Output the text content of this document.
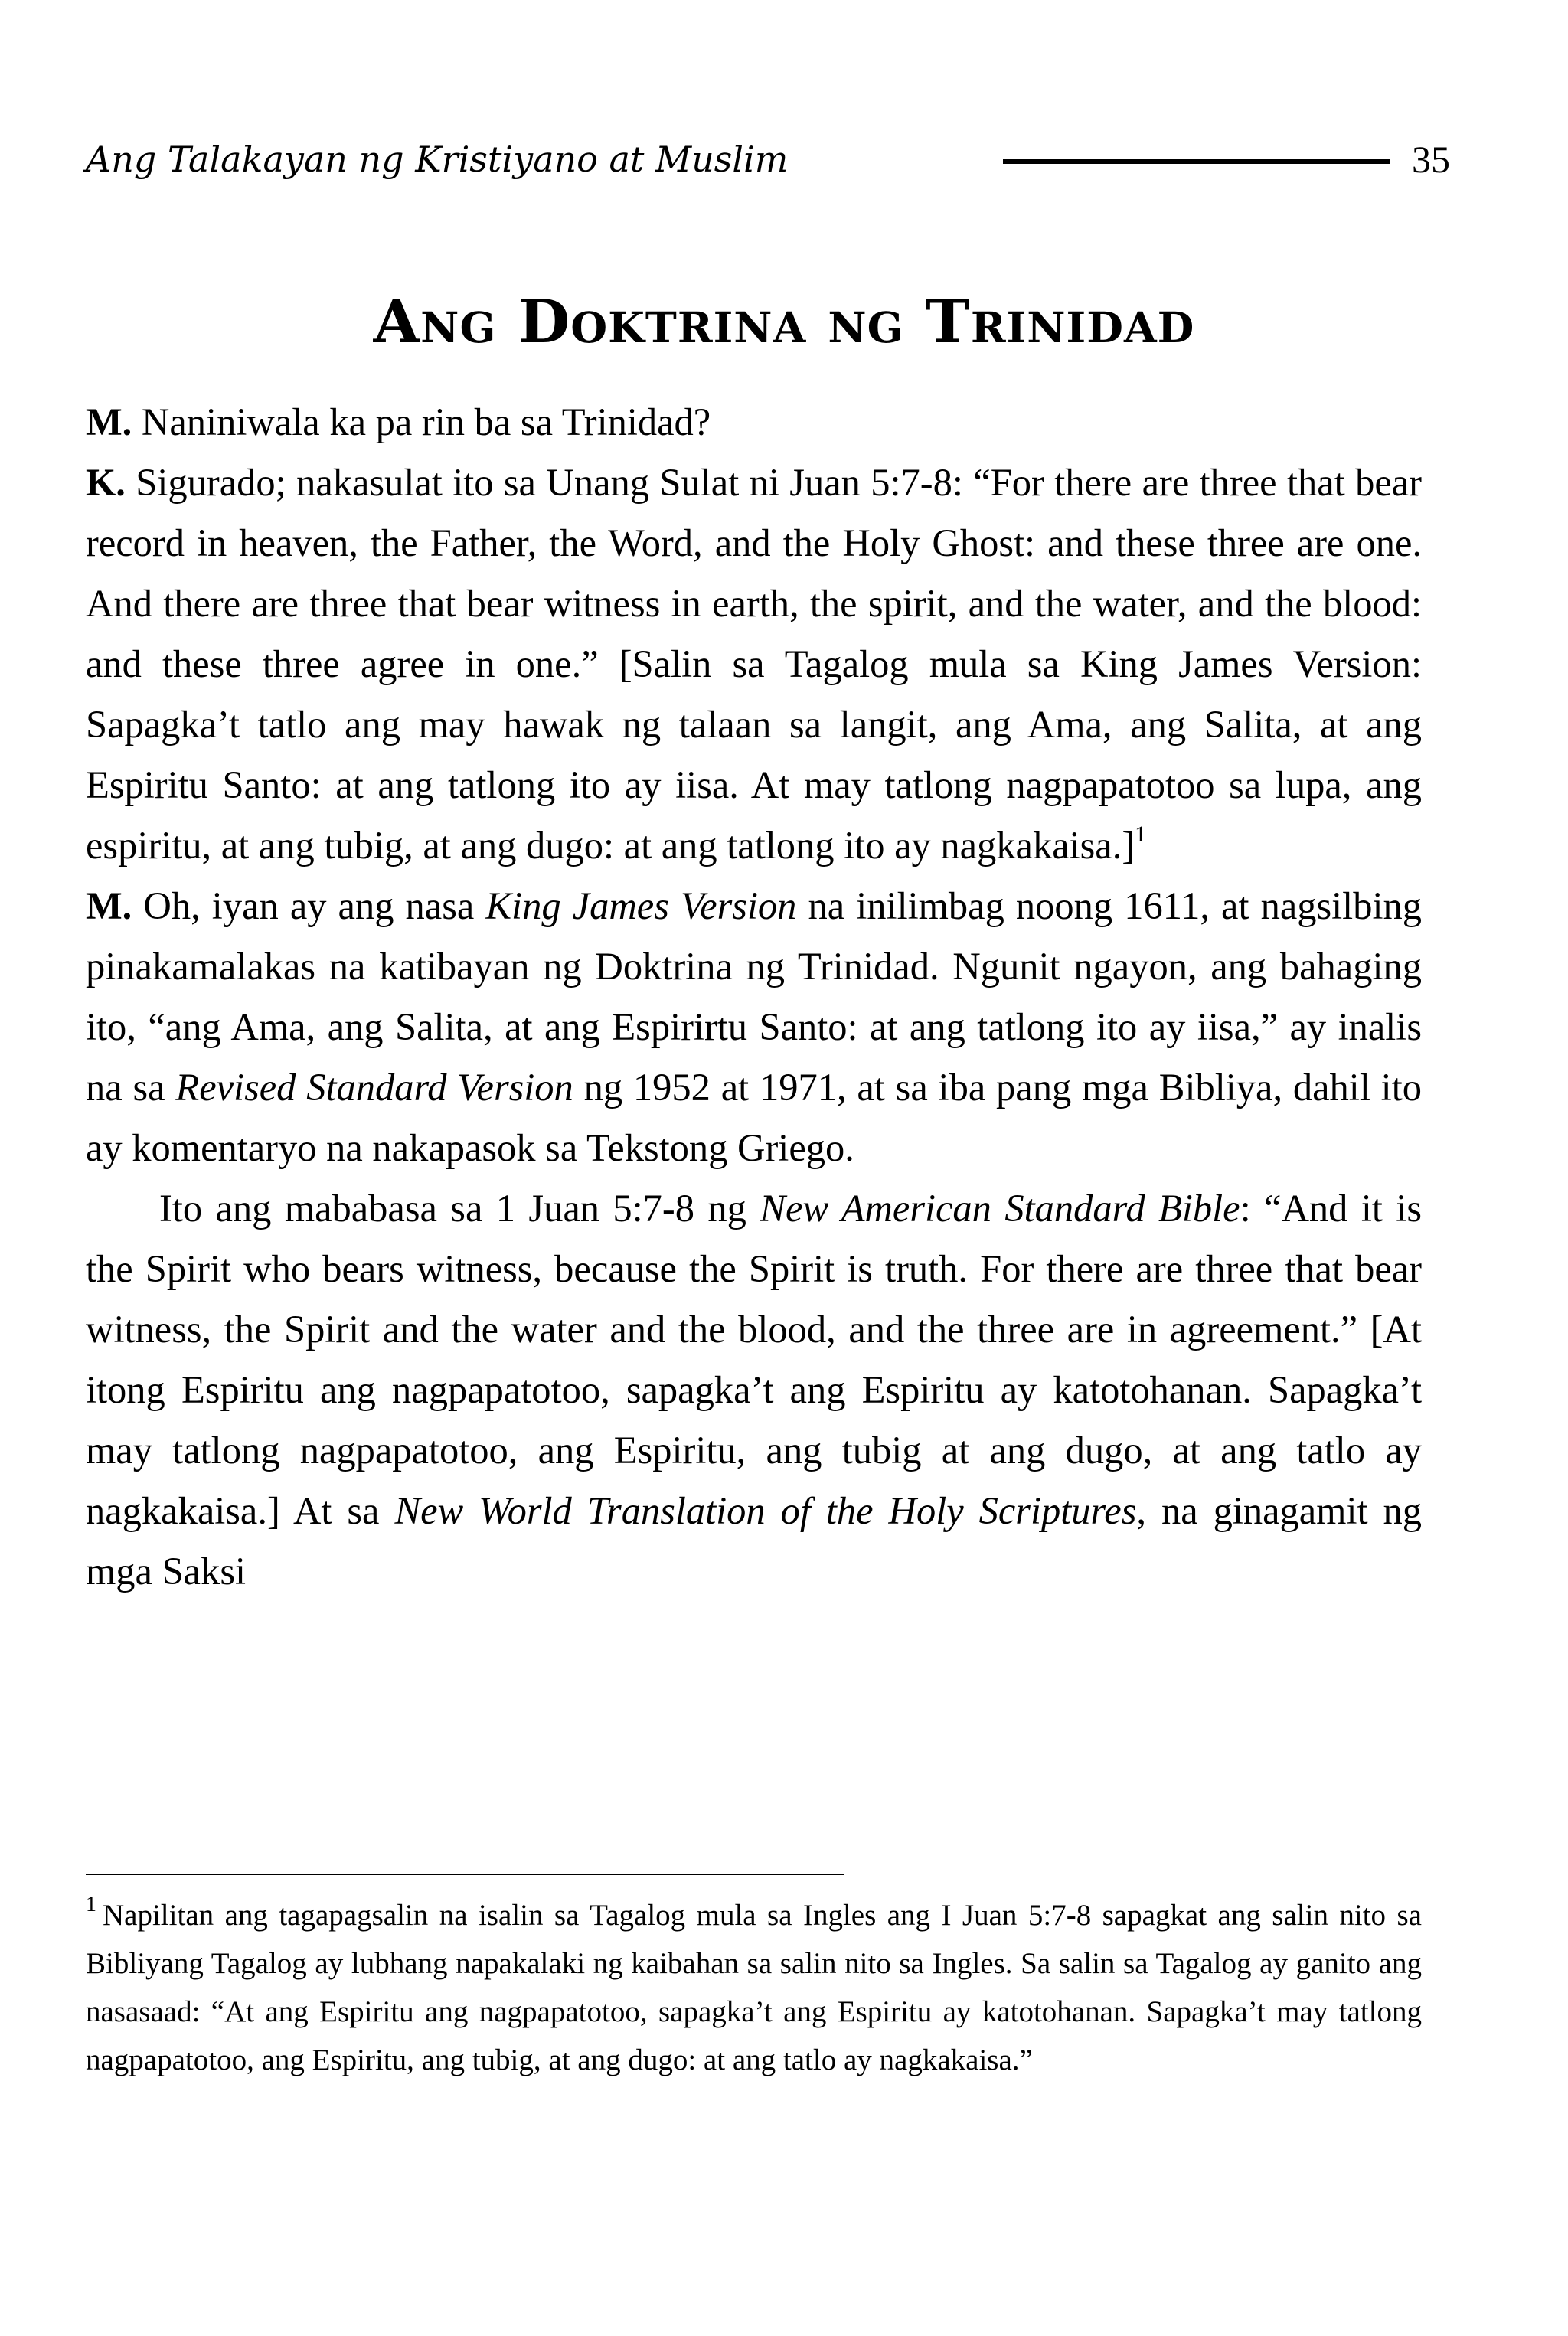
Ang Talakayan ng Kristiyano at Muslim	35
Ang Doktrina ng Trinidad

M. Naniniwala ka pa rin ba sa Trinidad?

K. Sigurado; nakasulat ito sa Unang Sulat ni Juan 5:7-8: “For there are three that bear record in heaven, the Father, the Word, and the Holy Ghost: and these three are one. And there are three that bear witness in earth, the spirit, and the water, and the blood: and these three agree in one.” [Salin sa Tagalog mula sa King James Version: Sapagka’t tatlo ang may hawak ng talaan sa langit, ang Ama, ang Salita, at ang Espiritu Santo: at ang tatlong ito ay iisa. At may tatlong nagpapatotoo sa lupa, ang espiritu, at ang tubig, at ang dugo: at ang tatlong ito ay nagkakaisa.]$^1$

M. Oh, iyan ay ang nasa King James Version na inilimbag noong 1611, at nagsilbing pinakamalakas na katibayan ng Doktrina ng Trinidad. Ngunit ngayon, ang bahaging ito, “ang Ama, ang Salita, at ang Espirirtu Santo: at ang tatlong ito ay iisa,” ay inalis na sa Revised Standard Version ng 1952 at 1971, at sa iba pang mga Bibliya, dahil ito ay komentaryo na nakapasok sa Tekstong Griego.

Ito ang mababasa sa 1 Juan 5:7-8 ng New American Standard Bible: “And it is the Spirit who bears witness, because the Spirit is truth. For there are three that bear witness, the Spirit and the water and the blood, and the three are in agreement.” [At itong Espiritu ang nagpapatotoo, sapagka’t ang Espiritu ay katotohanan. Sapagka’t may tatlong nagpapatotoo, ang Espiritu, ang tubig at ang dugo, at ang tatlo ay nagkakaisa.] At sa New World Translation of the Holy Scriptures, na ginagamit ng mga Saksi

$^1$ Napilitan ang tagapagsalin na isalin sa Tagalog mula sa Ingles ang I Juan 5:7-8 sapagkat ang salin nito sa Bibliyang Tagalog ay lubhang napakalaki ng kaibahan sa salin nito sa Ingles. Sa salin sa Tagalog ay ganito ang nasasaad: “At ang Espiritu ang nagpapatotoo, sapagka’t ang Espiritu ay katotohanan. Sapagka’t may tatlong nagpapatotoo, ang Espiritu, ang tubig, at ang dugo: at ang tatlo ay nagkakaisa.”
